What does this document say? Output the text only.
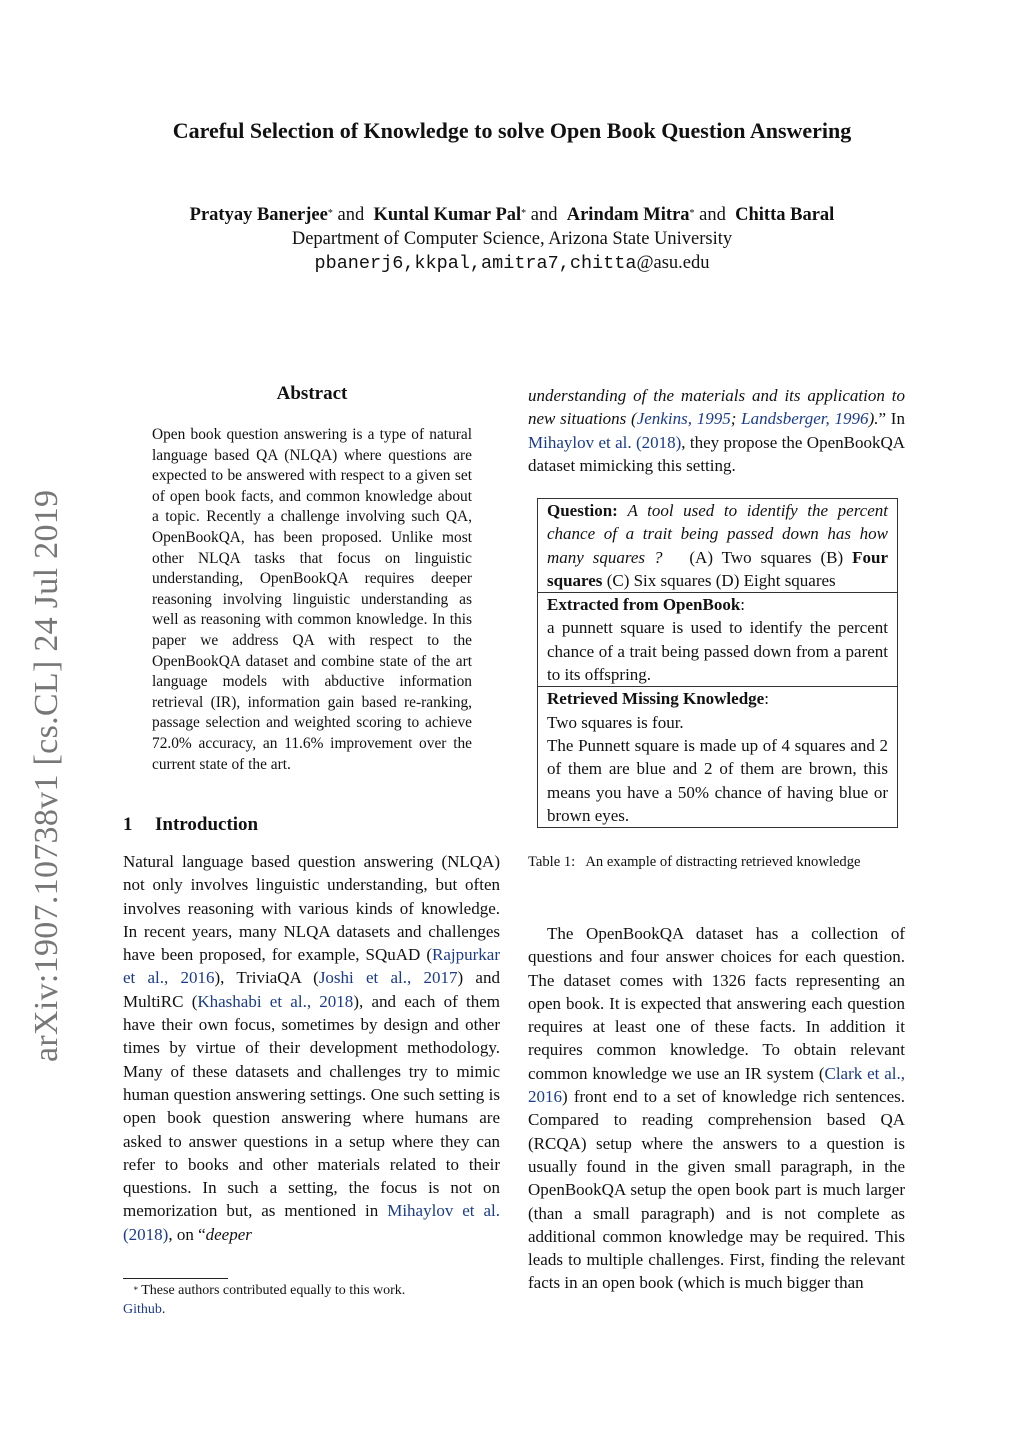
Careful Selection of Knowledge to solve Open Book Question Answering
Pratyay Banerjee* and Kuntal Kumar Pal* and Arindam Mitra* and Chitta Baral
Department of Computer Science, Arizona State University
pbanerj6,kkpal,amitra7,chitta@asu.edu
arXiv:1907.10738v1 [cs.CL] 24 Jul 2019
Abstract

Open book question answering is a type of natural language based QA (NLQA) where questions are expected to be answered with respect to a given set of open book facts, and common knowledge about a topic. Recently a challenge involving such QA, OpenBookQA, has been proposed. Unlike most other NLQA tasks that focus on linguistic understanding, OpenBookQA requires deeper reasoning involving linguistic understanding as well as reasoning with common knowledge. In this paper we address QA with respect to the OpenBookQA dataset and combine state of the art language models with abductive information retrieval (IR), information gain based re-ranking, passage selection and weighted scoring to achieve 72.0% accuracy, an 11.6% improvement over the current state of the art.

1 Introduction

Natural language based question answering (NLQA) not only involves linguistic understanding, but often involves reasoning with various kinds of knowledge. In recent years, many NLQA datasets and challenges have been proposed, for example, SQuAD (Rajpurkar et al., 2016), TriviaQA (Joshi et al., 2017) and MultiRC (Khashabi et al., 2018), and each of them have their own focus, sometimes by design and other times by virtue of their development methodology. Many of these datasets and challenges try to mimic human question answering settings. One such setting is open book question answering where humans are asked to answer questions in a setup where they can refer to books and other materials related to their questions. In such a setting, the focus is not on memorization but, as mentioned in Mihaylov et al. (2018), on “deeper

* These authors contributed equally to this work.
Github.

understanding of the materials and its application to new situations (Jenkins, 1995; Landsberger, 1996).” In Mihaylov et al. (2018), they propose the OpenBookQA dataset mimicking this setting.

Question: A tool used to identify the percent chance of a trait being passed down has how many squares ? (A) Two squares (B) Four squares (C) Six squares (D) Eight squares

Extracted from OpenBook:

a punnett square is used to identify the percent chance of a trait being passed down from a parent to its offspring.

Retrieved Missing Knowledge:

Two squares is four.

The Punnett square is made up of 4 squares and 2 of them are blue and 2 of them are brown, this means you have a 50% chance of having blue or brown eyes.

Table 1: An example of distracting retrieved knowledge

The OpenBookQA dataset has a collection of questions and four answer choices for each question. The dataset comes with 1326 facts representing an open book. It is expected that answering each question requires at least one of these facts. In addition it requires common knowledge. To obtain relevant common knowledge we use an IR system (Clark et al., 2016) front end to a set of knowledge rich sentences. Compared to reading comprehension based QA (RCQA) setup where the answers to a question is usually found in the given small paragraph, in the OpenBookQA setup the open book part is much larger (than a small paragraph) and is not complete as additional common knowledge may be required. This leads to multiple challenges. First, finding the relevant facts in an open book (which is much bigger than
